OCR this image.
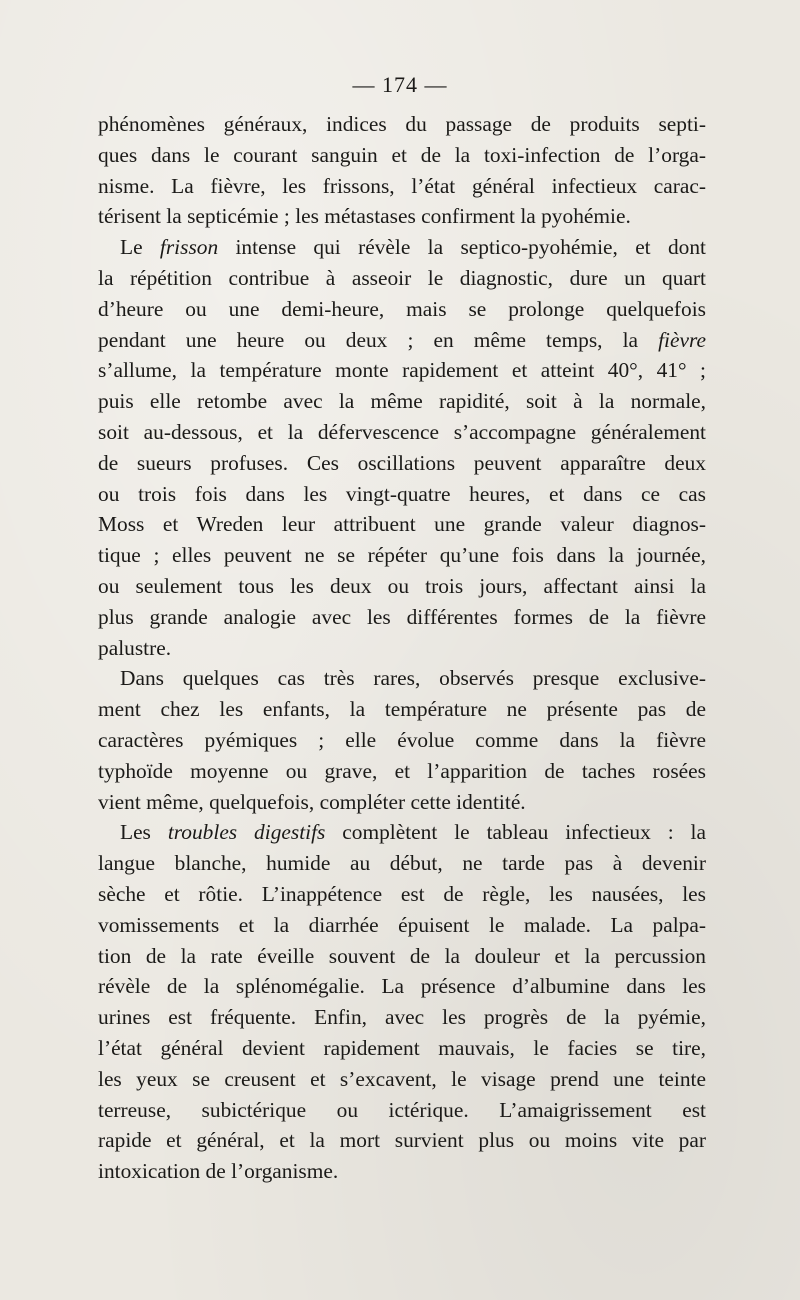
— 174 —
phénomènes généraux, indices du passage de produits septi-
ques dans le courant sanguin et de la toxi-infection de l’orga-
nisme. La fièvre, les frissons, l’état général infectieux carac-
térisent la septicémie ; les métastases confirment la pyohémie.
Le frisson intense qui révèle la septico-pyohémie, et dont
la répétition contribue à asseoir le diagnostic, dure un quart
d’heure ou une demi-heure, mais se prolonge quelquefois
pendant une heure ou deux ; en même temps, la fièvre
s’allume, la température monte rapidement et atteint 40°, 41° ;
puis elle retombe avec la même rapidité, soit à la normale,
soit au-dessous, et la défervescence s’accompagne généralement
de sueurs profuses. Ces oscillations peuvent apparaître deux
ou trois fois dans les vingt-quatre heures, et dans ce cas
Moss et Wreden leur attribuent une grande valeur diagnos-
tique ; elles peuvent ne se répéter qu’une fois dans la journée,
ou seulement tous les deux ou trois jours, affectant ainsi la
plus grande analogie avec les différentes formes de la fièvre
palustre.
Dans quelques cas très rares, observés presque exclusive-
ment chez les enfants, la température ne présente pas de
caractères pyémiques ; elle évolue comme dans la fièvre
typhoïde moyenne ou grave, et l’apparition de taches rosées
vient même, quelquefois, compléter cette identité.
Les troubles digestifs complètent le tableau infectieux : la
langue blanche, humide au début, ne tarde pas à devenir
sèche et rôtie. L’inappétence est de règle, les nausées, les
vomissements et la diarrhée épuisent le malade. La palpa-
tion de la rate éveille souvent de la douleur et la percussion
révèle de la splénomégalie. La présence d’albumine dans les
urines est fréquente. Enfin, avec les progrès de la pyémie,
l’état général devient rapidement mauvais, le facies se tire,
les yeux se creusent et s’excavent, le visage prend une teinte
terreuse, subictérique ou ictérique. L’amaigrissement est
rapide et général, et la mort survient plus ou moins vite par
intoxication de l’organisme.
